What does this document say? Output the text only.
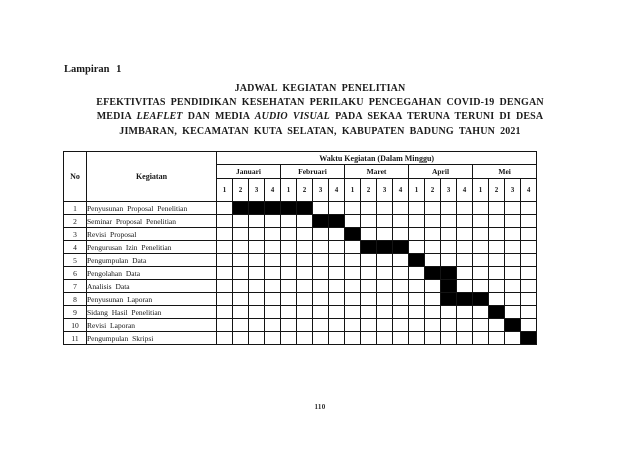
Lampiran 1
JADWAL KEGIATAN PENELITIAN
EFEKTIVITAS PENDIDIKAN KESEHATAN PERILAKU PENCEGAHAN COVID-19 DENGAN
MEDIA LEAFLET DAN MEDIA AUDIO VISUAL PADA SEKAA TERUNA TERUNI DI DESA
JIMBARAN, KECAMATAN KUTA SELATAN, KABUPATEN BADUNG TAHUN 2021
No	Kegiatan	Waktu Kegiatan (Dalam Minggu)																			
		Januari				Februari				Maret				April				Mei			
		1	2	3	4	1	2	3	4	1	2	3	4	1	2	3	4	1	2	3	4
1	Penyusunan Proposal Penelitian																				
2	Seminar Proposal Penelitian																				
3	Revisi Proposal																				
4	Pengurusan Izin Penelitian																				
5	Pengumpulan Data																				
6	Pengolahan Data																				
7	Analisis Data																				
8	Penyusunan Laporan																				
9	Sidang Hasil Penelitian																				
10	Revisi Laporan																				
11	Pengumpulan Skripsi																				
110
